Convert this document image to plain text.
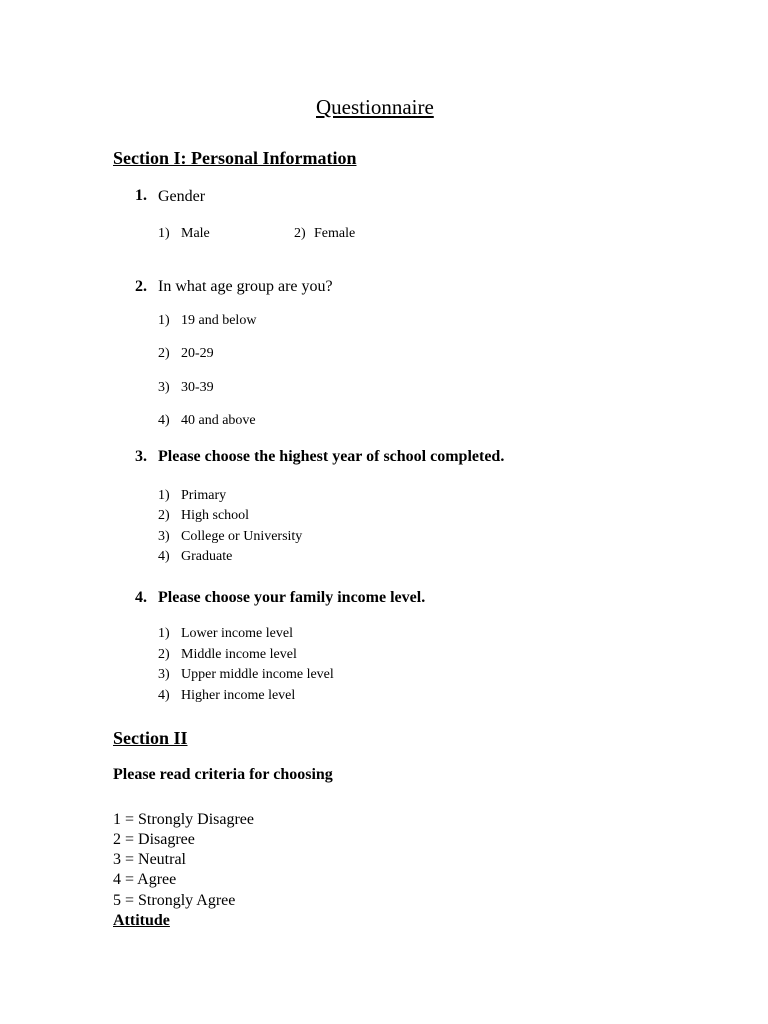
Questionnaire
Section I: Personal Information
1. Gender
1) Male	2) Female
2. In what age group are you?
1) 19 and below
2) 20-29
3) 30-39
4) 40 and above
3. Please choose the highest year of school completed.
1) Primary
2) High school
3) College or University
4) Graduate
4. Please choose your family income level.
1) Lower income level
2) Middle income level
3) Upper middle income level
4) Higher income level
Section II
Please read criteria for choosing
1 = Strongly Disagree
2 = Disagree
3 = Neutral
4 = Agree
5 = Strongly Agree
Attitude
